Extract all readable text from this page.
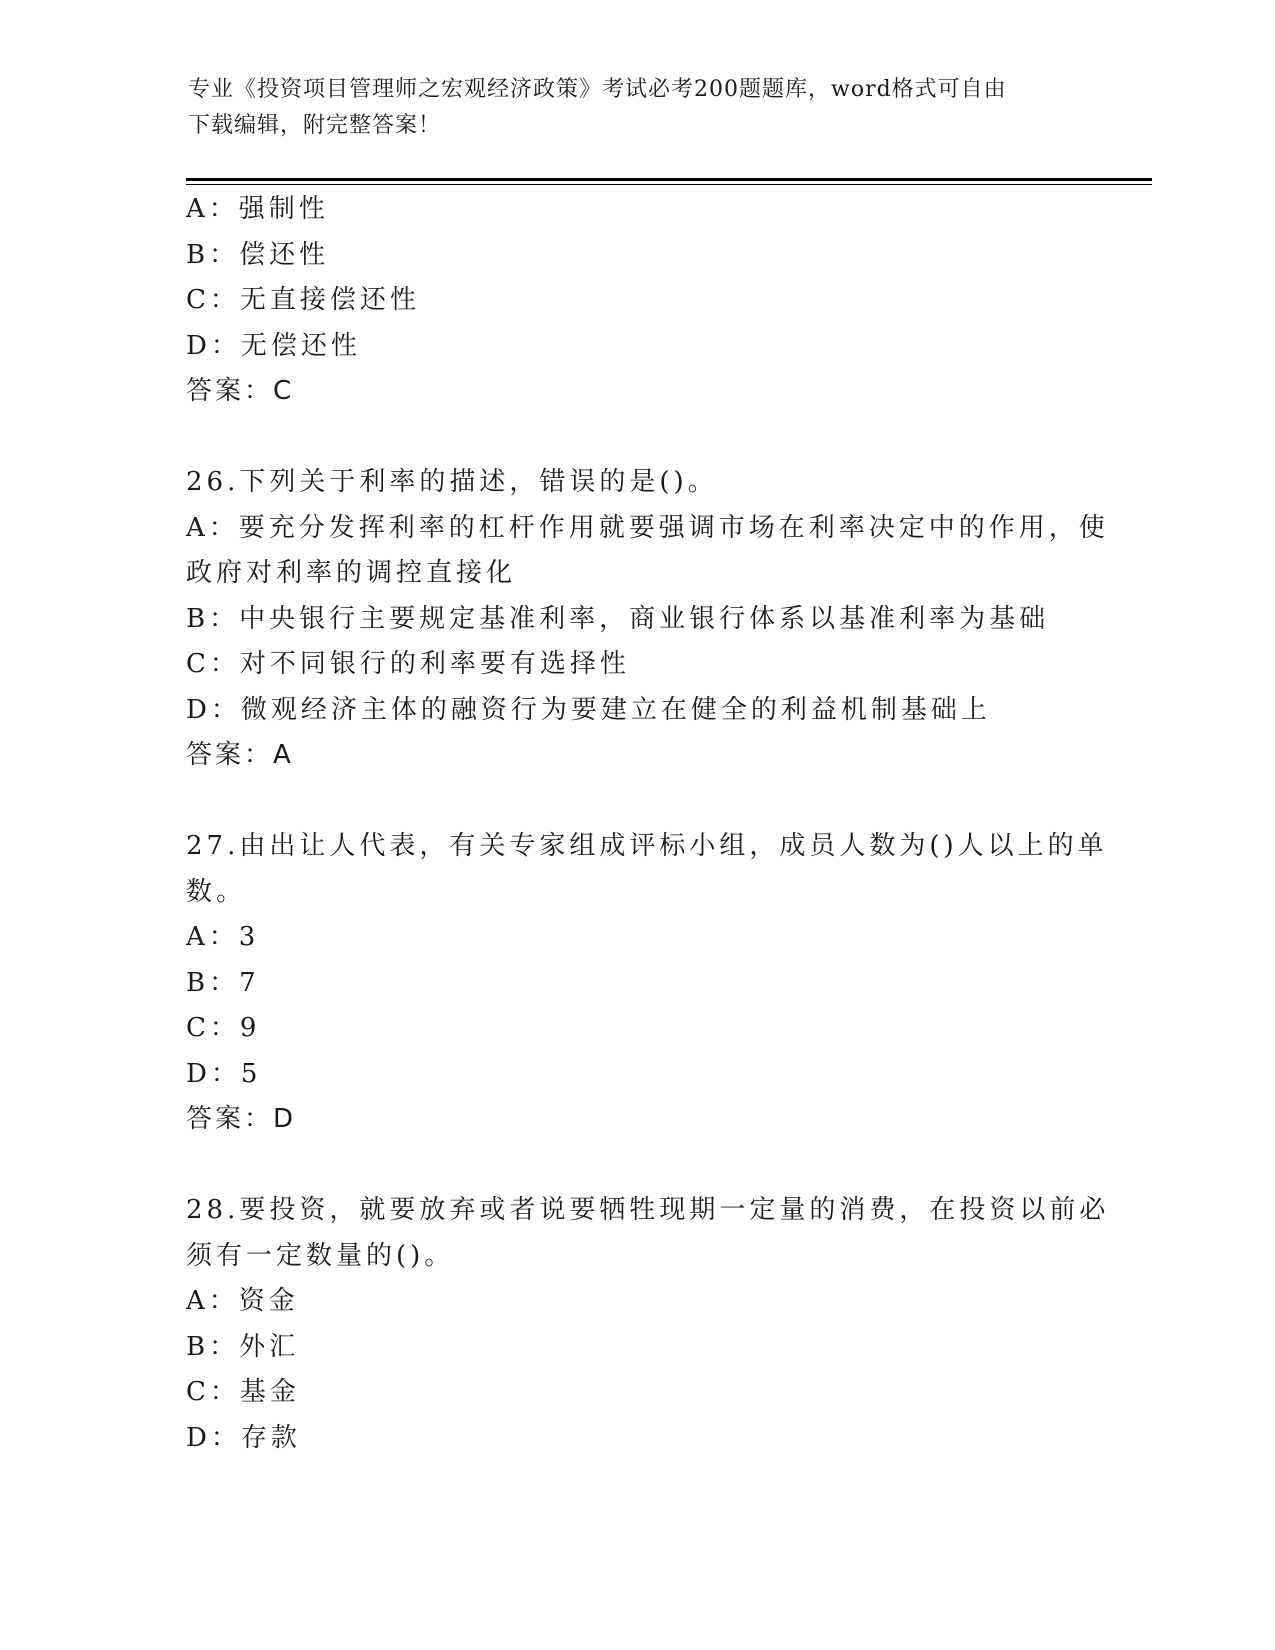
专业《投资项目管理师之宏观经济政策》考试必考200题题库，word格式可自由
下载编辑，附完整答案！
A：强制性
B：偿还性
C：无直接偿还性
D：无偿还性
答案：C
26.下列关于利率的描述，错误的是()。
A：要充分发挥利率的杠杆作用就要强调市场在利率决定中的作用，使
政府对利率的调控直接化
B：中央银行主要规定基准利率，商业银行体系以基准利率为基础
C：对不同银行的利率要有选择性
D：微观经济主体的融资行为要建立在健全的利益机制基础上
答案：A
27.由出让人代表，有关专家组成评标小组，成员人数为()人以上的单
数。
A：3
B：7
C：9
D：5
答案：D
28.要投资，就要放弃或者说要牺牲现期一定量的消费，在投资以前必
须有一定数量的()。
A：资金
B：外汇
C：基金
D：存款
